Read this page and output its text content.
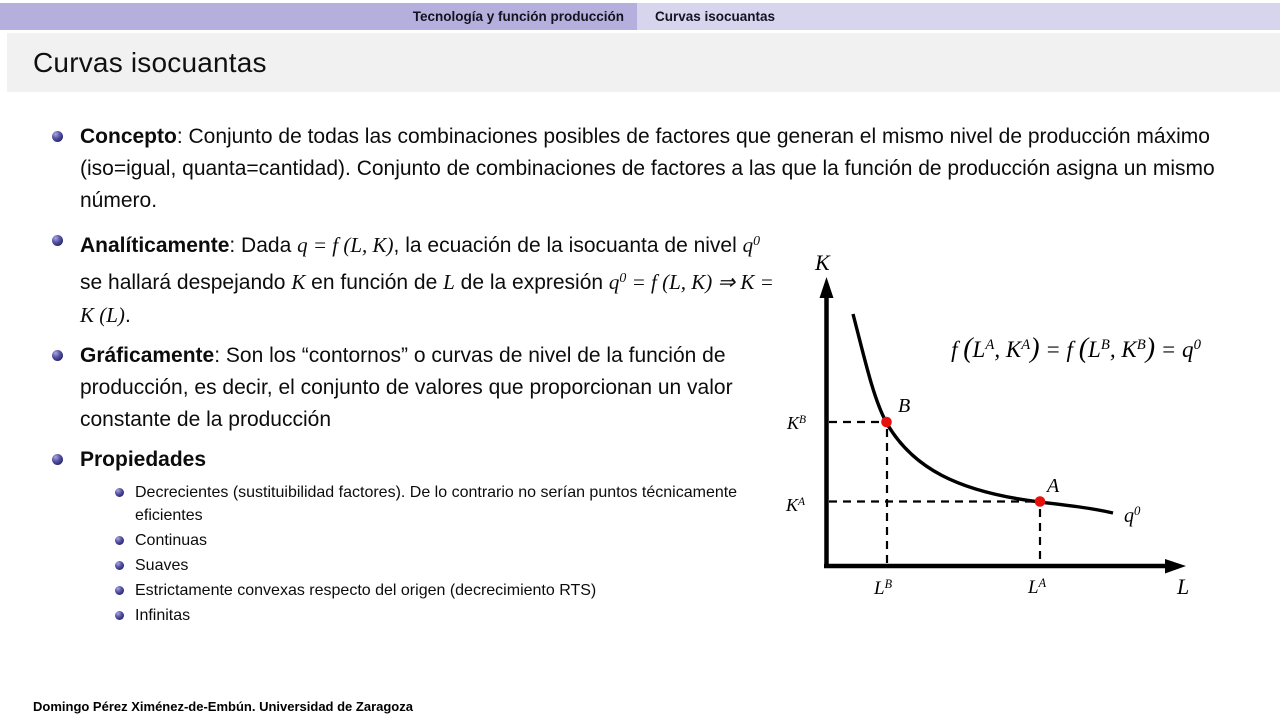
Tecnología y función producción Curvas isocuantas
Curvas isocuantas
Concepto: Conjunto de todas las combinaciones posibles de factores que generan el mismo nivel de producción máximo (iso=igual, quanta=cantidad). Conjunto de combinaciones de factores a las que la función de producción asigna un mismo número.
Analíticamente: Dada q = f (L, K), la ecuación de la isocuanta de nivel $q^0$ se hallará despejando K en función de L de la expresión $q^0 = f$ (L, K) ⇒ K = K (L).
Gráficamente: Son los “contornos” o curvas de nivel de la función de producción, es decir, el conjunto de valores que proporcionan un valor constante de la producción
Propiedades
Decrecientes (sustituibilidad factores). De lo contrario no serían puntos técnicamente eficientes
Continuas
Suaves
Estrictamente convexas respecto del origen (decrecimiento RTS)
Infinitas
K
L
B
A
$K^B$
$K^A$
$L^B$	$L^A$
$q^0$
f ($L^A$, $K^A) = f$ ($L^B$, $K^B) = q^0$
Domingo Pérez Ximénez-de-Embún. Universidad de Zaragoza
